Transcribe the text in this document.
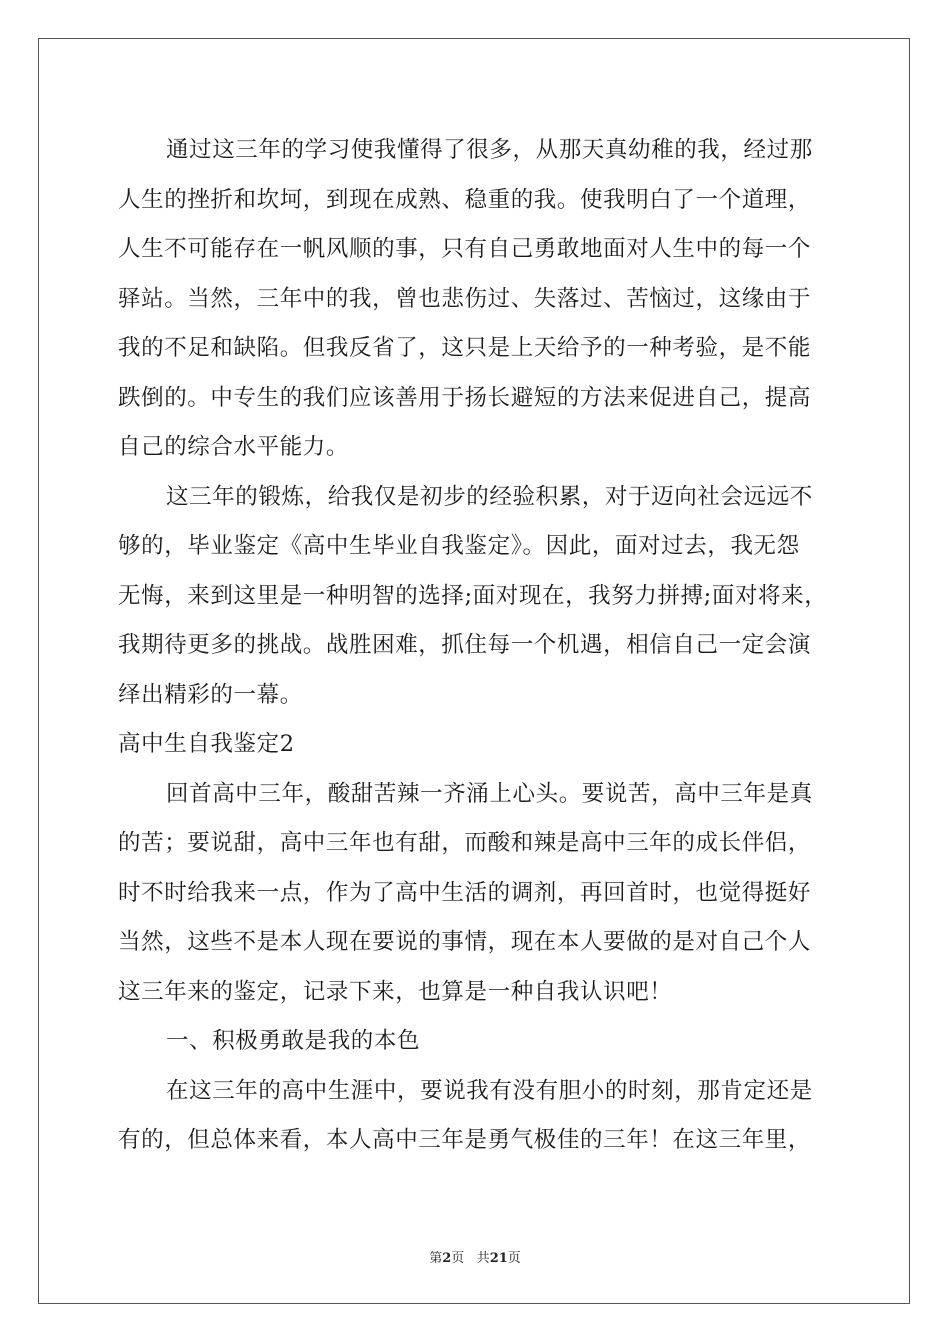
通过这三年的学习使我懂得了很多，从那天真幼稚的我，经过那
人生的挫折和坎坷，到现在成熟、稳重的我。使我明白了一个道理，
人生不可能存在一帆风顺的事，只有自己勇敢地面对人生中的每一个
驿站。当然，三年中的我，曾也悲伤过、失落过、苦恼过，这缘由于
我的不足和缺陷。但我反省了，这只是上天给予的一种考验，是不能
跌倒的。中专生的我们应该善用于扬长避短的方法来促进自己，提高
自己的综合水平能力。
这三年的锻炼，给我仅是初步的经验积累，对于迈向社会远远不
够的，毕业鉴定《高中生毕业自我鉴定》。因此，面对过去，我无怨
无悔，来到这里是一种明智的选择;面对现在，我努力拼搏;面对将来，
我期待更多的挑战。战胜困难，抓住每一个机遇，相信自己一定会演
绎出精彩的一幕。
高中生自我鉴定2
回首高中三年，酸甜苦辣一齐涌上心头。要说苦，高中三年是真
的苦；要说甜，高中三年也有甜，而酸和辣是高中三年的成长伴侣，
时不时给我来一点，作为了高中生活的调剂，再回首时，也觉得挺好
当然，这些不是本人现在要说的事情，现在本人要做的是对自己个人
这三年来的鉴定，记录下来，也算是一种自我认识吧！
一、积极勇敢是我的本色
在这三年的高中生涯中，要说我有没有胆小的时刻，那肯定还是
有的，但总体来看，本人高中三年是勇气极佳的三年！在这三年里，
第2页 共21页
